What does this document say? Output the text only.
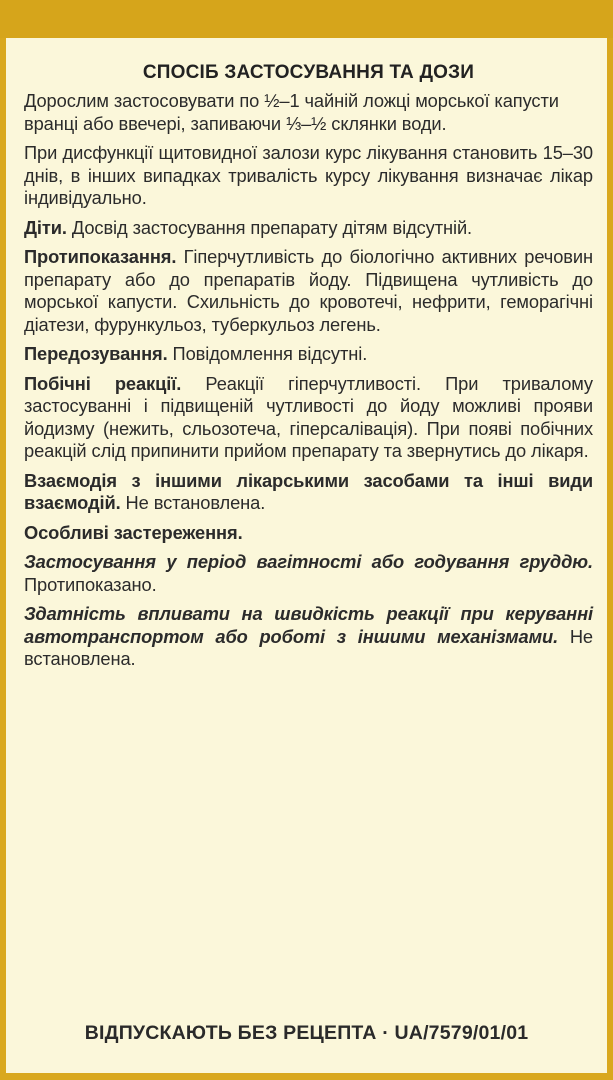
СПОСІБ ЗАСТОСУВАННЯ ТА ДОЗИ

Дорослим застосовувати по ½–1 чайній ложці морської капусти вранці або ввечері, запиваючи ⅓–½ склянки води.

При дисфункції щитовидної залози курс лікування становить 15–30 днів, в інших випадках тривалість курсу лікування визначає лікар індивідуально.

Діти. Досвід застосування препарату дітям відсутній.

Протипоказання. Гіперчутливість до біологічно активних речовин препарату або до препаратів йоду. Підвищена чутливість до морської капусти. Схильність до кровотечі, нефрити, геморагічні діатези, фурункульоз, туберкульоз легень.

Передозування. Повідомлення відсутні.

Побічні реакції. Реакції гіперчутливості. При тривалому застосуванні і підвищеній чутливості до йоду можливі прояви йодизму (нежить, сльозотеча, гіперсалівація). При появі побічних реакцій слід припинити прийом препарату та звернутись до лікаря.

Взаємодія з іншими лікарськими засобами та інші види взаємодій. Не встановлена.

Особливі застереження.

Застосування у період вагітності або годування груддю. Протипоказано.

Здатність впливати на швидкість реакції при керуванні автотранспортом або роботі з іншими механізмами. Не встановлена.

ВІДПУСКАЮТЬ БЕЗ РЕЦЕПТА · UA/7579/01/01
